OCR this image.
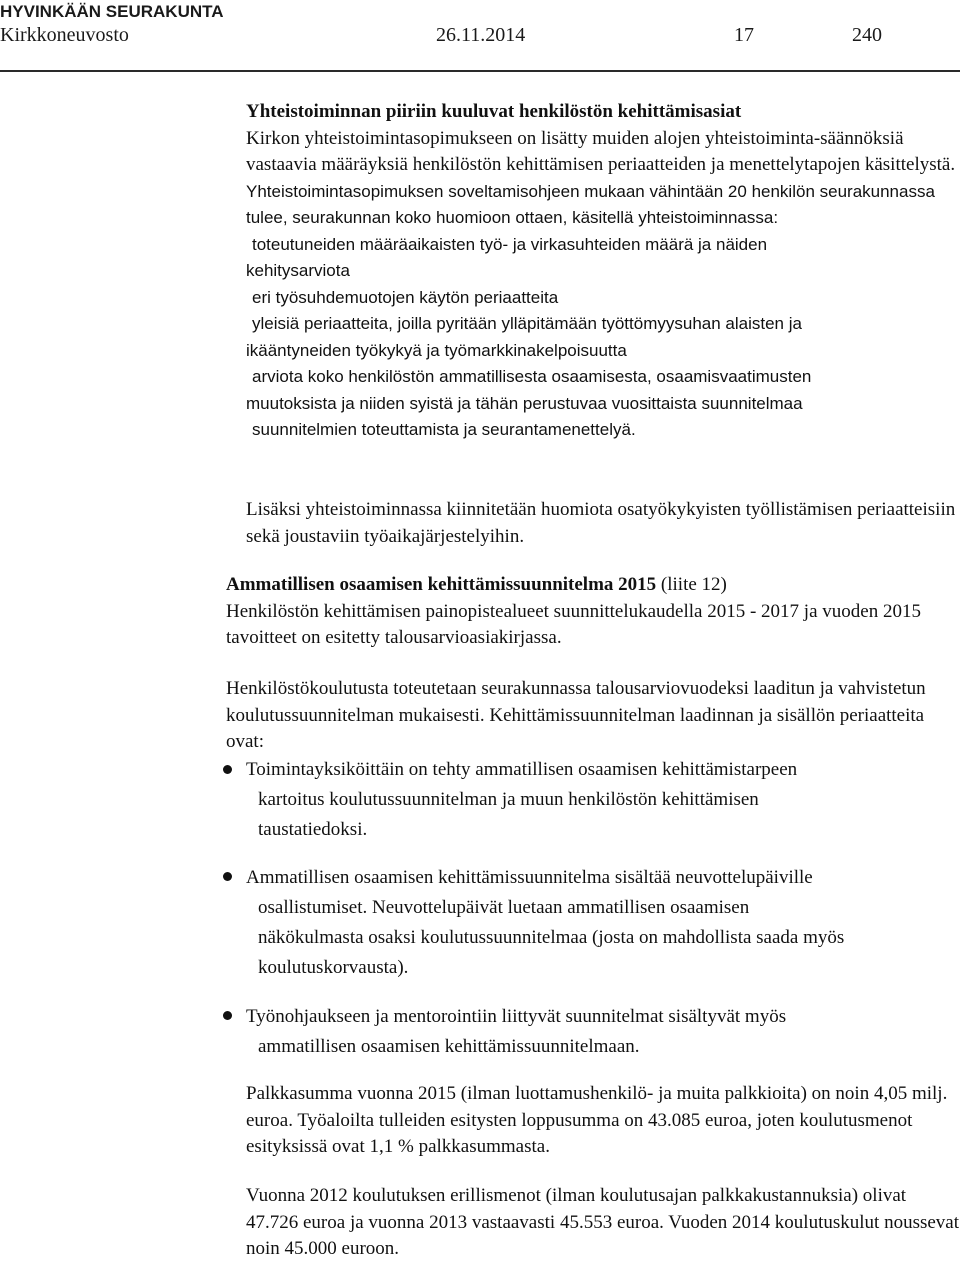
HYVINKÄÄN SEURAKUNTA
Kirkkoneuvosto	26.11.2014	17	240

Yhteistoiminnan piiriin kuuluvat henkilöstön kehittämisasiat

Kirkon yhteistoimintasopimukseen on lisätty muiden alojen yhteistoiminta-säännöksiä vastaavia määräyksiä henkilöstön kehittämisen periaatteiden ja menettelytapojen käsittelystä. Yhteistoimintasopimuksen soveltamisohjeen mukaan vähintään 20 henkilön seurakunnassa tulee, seurakunnan koko huomioon ottaen, käsitellä yhteistoiminnassa:

toteutuneiden määräaikaisten työ- ja virkasuhteiden määrä ja näiden
kehitysarviota

eri työsuhdemuotojen käytön periaatteita

yleisiä periaatteita, joilla pyritään ylläpitämään työttömyysuhan alaisten ja
ikääntyneiden työkykyä ja työmarkkinakelpoisuutta

arviota koko henkilöstön ammatillisesta osaamisesta, osaamisvaatimusten
muutoksista ja niiden syistä ja tähän perustuvaa vuosittaista suunnitelmaa

suunnitelmien toteuttamista ja seurantamenettelyä.

Lisäksi yhteistoiminnassa kiinnitetään huomiota osatyökykyisten työllistämisen periaatteisiin sekä joustaviin työaikajärjestelyihin.

Ammatillisen osaamisen kehittämissuunnitelma 2015 (liite 12)

Henkilöstön kehittämisen painopistealueet suunnittelukaudella 2015 - 2017 ja vuoden 2015 tavoitteet on esitetty talousarvioasiakirjassa.

Henkilöstökoulutusta toteutetaan seurakunnassa talousarviovuodeksi laaditun ja vahvistetun koulutussuunnitelman mukaisesti. Kehittämissuunnitelman laadinnan ja sisällön periaatteita ovat:

Toimintayksiköittäin on tehty ammatillisen osaamisen kehittämistarpeen
kartoitus koulutussuunnitelman ja muun henkilöstön kehittämisen
taustatiedoksi.
Ammatillisen osaamisen kehittämissuunnitelma sisältää neuvottelupäiville
osallistumiset. Neuvottelupäivät luetaan ammatillisen osaamisen
näkökulmasta osaksi koulutussuunnitelmaa (josta on mahdollista saada myös
koulutuskorvausta).
Työnohjaukseen ja mentorointiin liittyvät suunnitelmat sisältyvät myös
ammatillisen osaamisen kehittämissuunnitelmaan.

Palkkasumma vuonna 2015 (ilman luottamushenkilö- ja muita palkkioita) on noin 4,05 milj. euroa. Työaloilta tulleiden esitysten loppusumma on 43.085 euroa, joten koulutusmenot esityksissä ovat 1,1 % palkkasummasta.

Vuonna 2012 koulutuksen erillismenot (ilman koulutusajan palkkakustannuksia) olivat 47.726 euroa ja vuonna 2013 vastaavasti 45.553 euroa. Vuoden 2014 koulutuskulut noussevat noin 45.000 euroon.
